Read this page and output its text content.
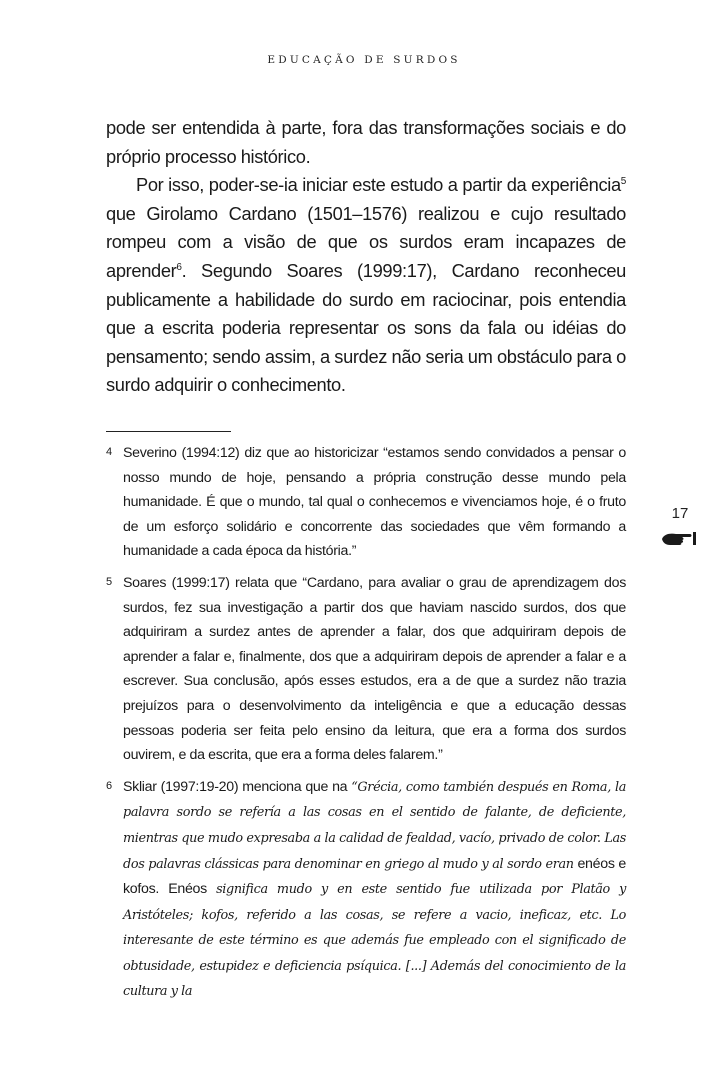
EDUCAÇÃO DE SURDOS

pode ser entendida à parte, fora das transformações sociais e do próprio processo histórico.

Por isso, poder-se-ia iniciar este estudo a partir da experiência$^5$ que Girolamo Cardano (1501–1576) realizou e cujo resultado rompeu com a visão de que os surdos eram incapazes de aprender$^6$. Segundo Soares (1999:17), Cardano reconheceu publicamente a habilidade do surdo em raciocinar, pois entendia que a escrita poderia representar os sons da fala ou idéias do pensamento; sendo assim, a surdez não seria um obstáculo para o surdo adquirir o conhecimento.

4 Severino (1994:12) diz que ao historicizar “estamos sendo convidados a pensar o nosso mundo de hoje, pensando a própria construção desse mundo pela humanidade. É que o mundo, tal qual o conhecemos e vivenciamos hoje, é o fruto de um esforço solidário e concorrente das sociedades que vêm formando a humanidade a cada época da história.”
5 Soares (1999:17) relata que “Cardano, para avaliar o grau de aprendizagem dos surdos, fez sua investigação a partir dos que haviam nascido surdos, dos que adquiriram a surdez antes de aprender a falar, dos que adquiriram depois de aprender a falar e, finalmente, dos que a adquiriram depois de aprender a falar e a escrever. Sua conclusão, após esses estudos, era a de que a surdez não trazia prejuízos para o desenvolvimento da inteligência e que a educação dessas pessoas poderia ser feita pelo ensino da leitura, que era a forma dos surdos ouvirem, e da escrita, que era a forma deles falarem.”
6 Skliar (1997:19-20) menciona que na “Grécia, como también después en Roma, la palavra sordo se refería a las cosas en el sentido de falante, de deficiente, mientras que mudo expresaba a la calidad de fealdad, vacío, privado de color. Las dos palavras clássicas para denominar en griego al mudo y al sordo eran enéos e kofos. Enéos significa mudo y en este sentido fue utilizada por Platão y Aristóteles; kofos, referido a las cosas, se refere a vacio, ineficaz, etc. Lo interesante de este término es que además fue empleado con el significado de obtusidade, estupidez e deficiencia psíquica. [...] Además del conocimiento de la cultura y la
17
